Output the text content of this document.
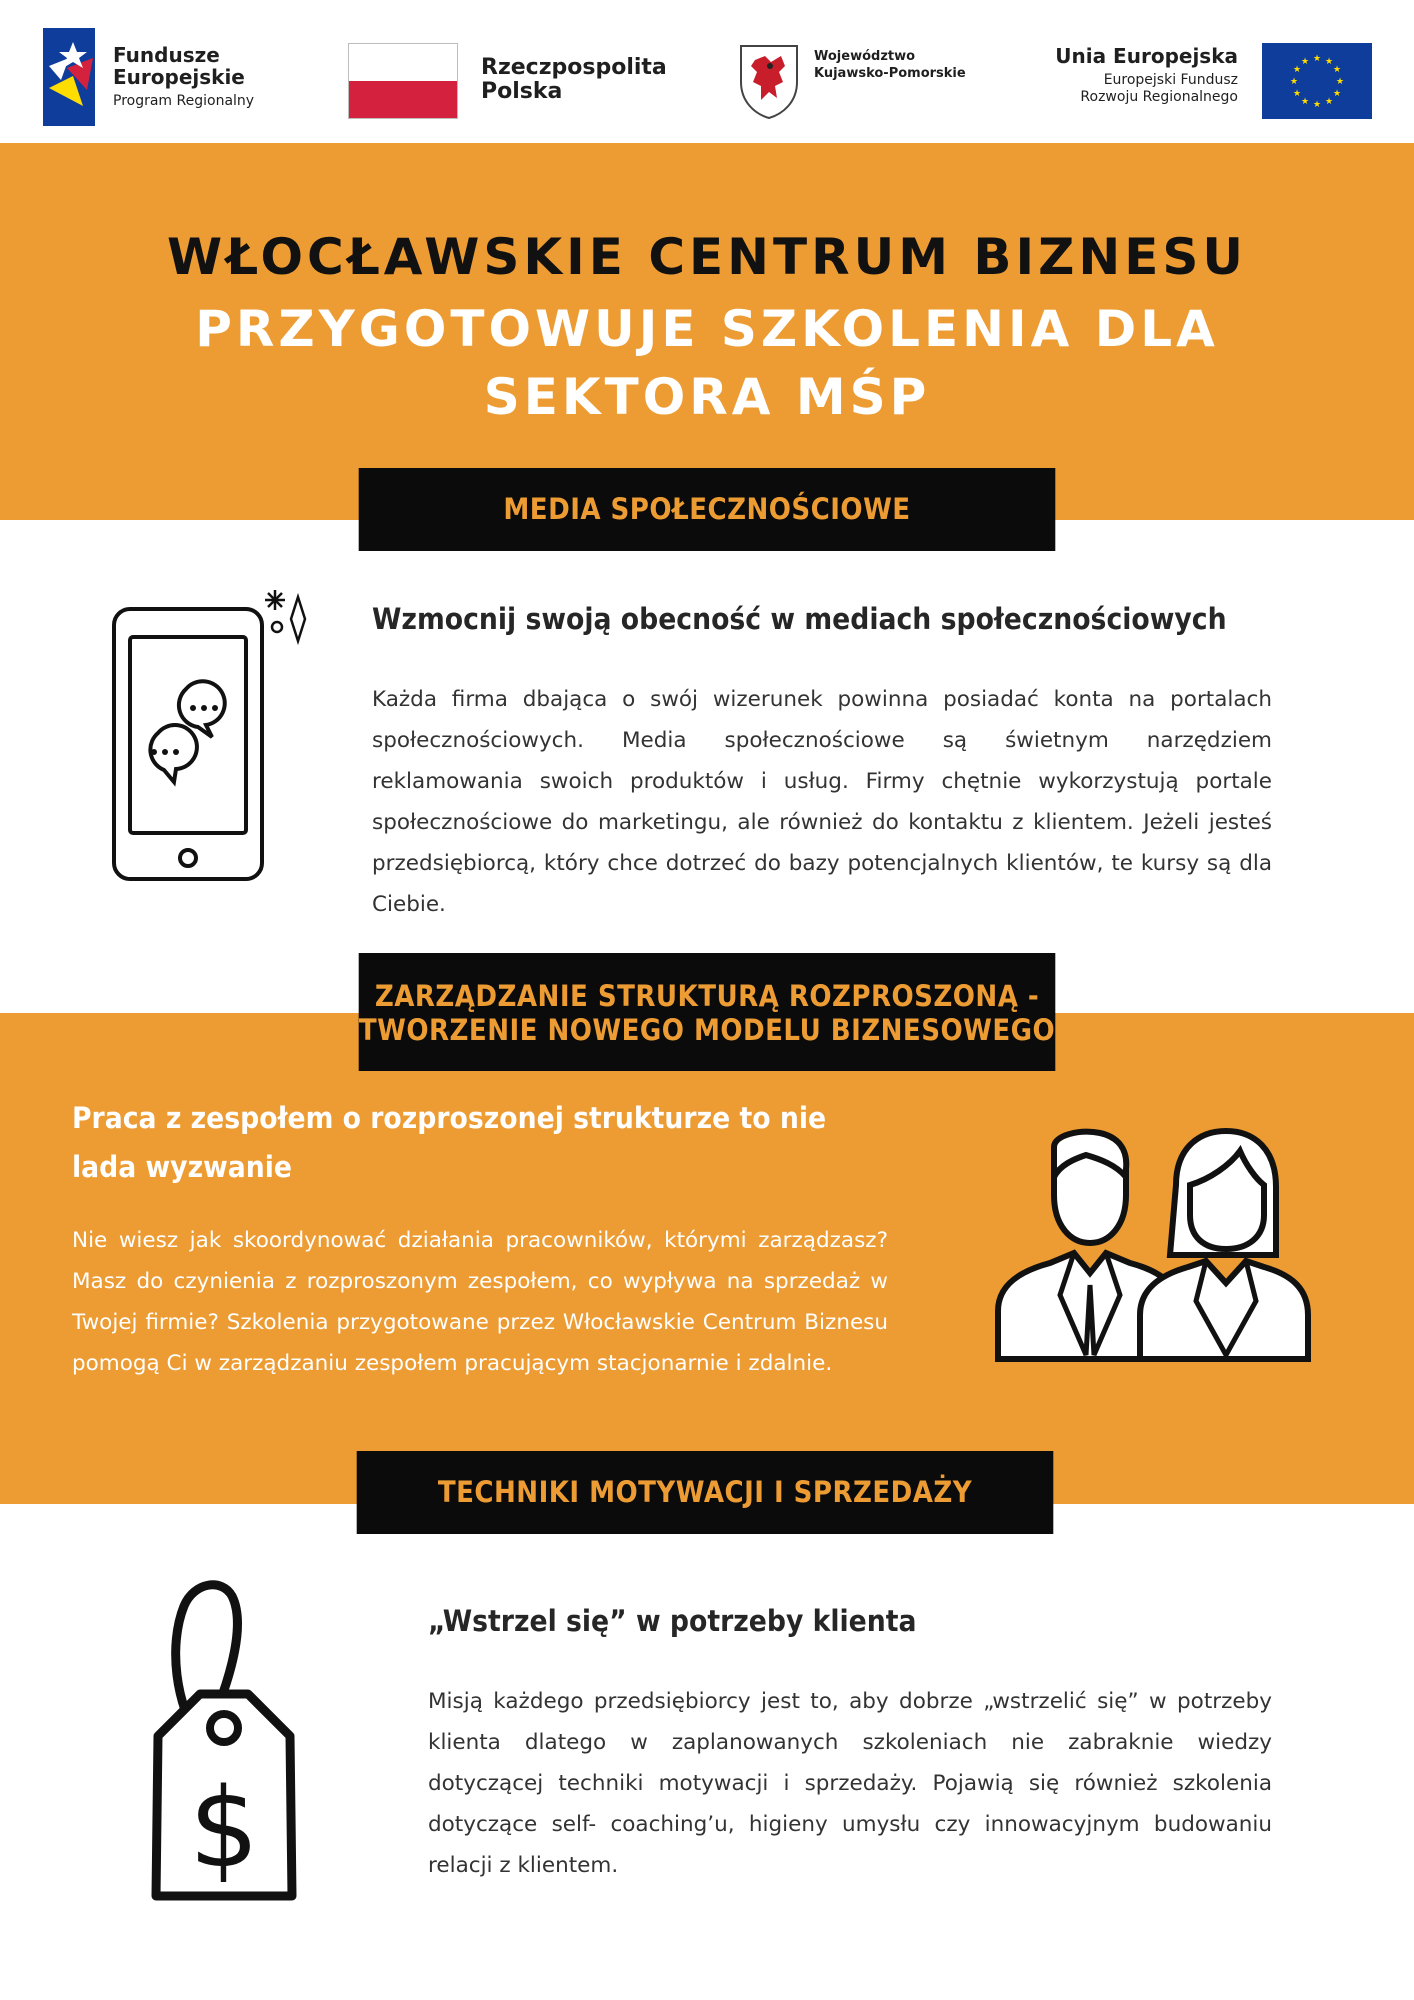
Fundusze
Europejskie
Program Regionalny
Rzeczpospolita
Polska
Województwo
Kujawsko-Pomorskie
Unia Europejska
Europejski Fundusz
Rozwoju Regionalnego
★ ★
★
★
★
★
★
★
★
★
★
★
WŁOCŁAWSKIE CENTRUM BIZNESU
PRZYGOTOWUJE SZKOLENIA DLA
SEKTORA MŚP
MEDIA SPOŁECZNOŚCIOWE
Wzmocnij swoją obecność w mediach społecznościowych
Każda firma dbająca o swój wizerunek powinna posiadać konta na portalach społecznościowych. Media społecznościowe są świetnym narzędziem reklamowania swoich produktów i usług. Firmy chętnie wykorzystują portale społecznościowe do marketingu, ale również do kontaktu z klientem. Jeżeli jesteś przedsiębiorcą, który chce dotrzeć do bazy potencjalnych klientów, te kursy są dla Ciebie.
ZARZĄDZANIE STRUKTURĄ ROZPROSZONĄ -
TWORZENIE NOWEGO MODELU BIZNESOWEGO
Praca z zespołem o rozproszonej strukturze to nie
lada wyzwanie
Nie wiesz jak skoordynować działania pracowników, którymi zarządzasz? Masz do czynienia z rozproszonym zespołem, co wypływa na sprzedaż w Twojej firmie? Szkolenia przygotowane przez Włocławskie Centrum Biznesu pomogą Ci w zarządzaniu zespołem pracującym stacjonarnie i zdalnie.
TECHNIKI MOTYWACJI I SPRZEDAŻY
$
„Wstrzel się” w potrzeby klienta
Misją każdego przedsiębiorcy jest to, aby dobrze „wstrzelić się” w potrzeby klienta dlatego w zaplanowanych szkoleniach nie zabraknie wiedzy dotyczącej techniki motywacji i sprzedaży. Pojawią się również szkolenia dotyczące self- coaching’u, higieny umysłu czy innowacyjnym budowaniu relacji z klientem.
